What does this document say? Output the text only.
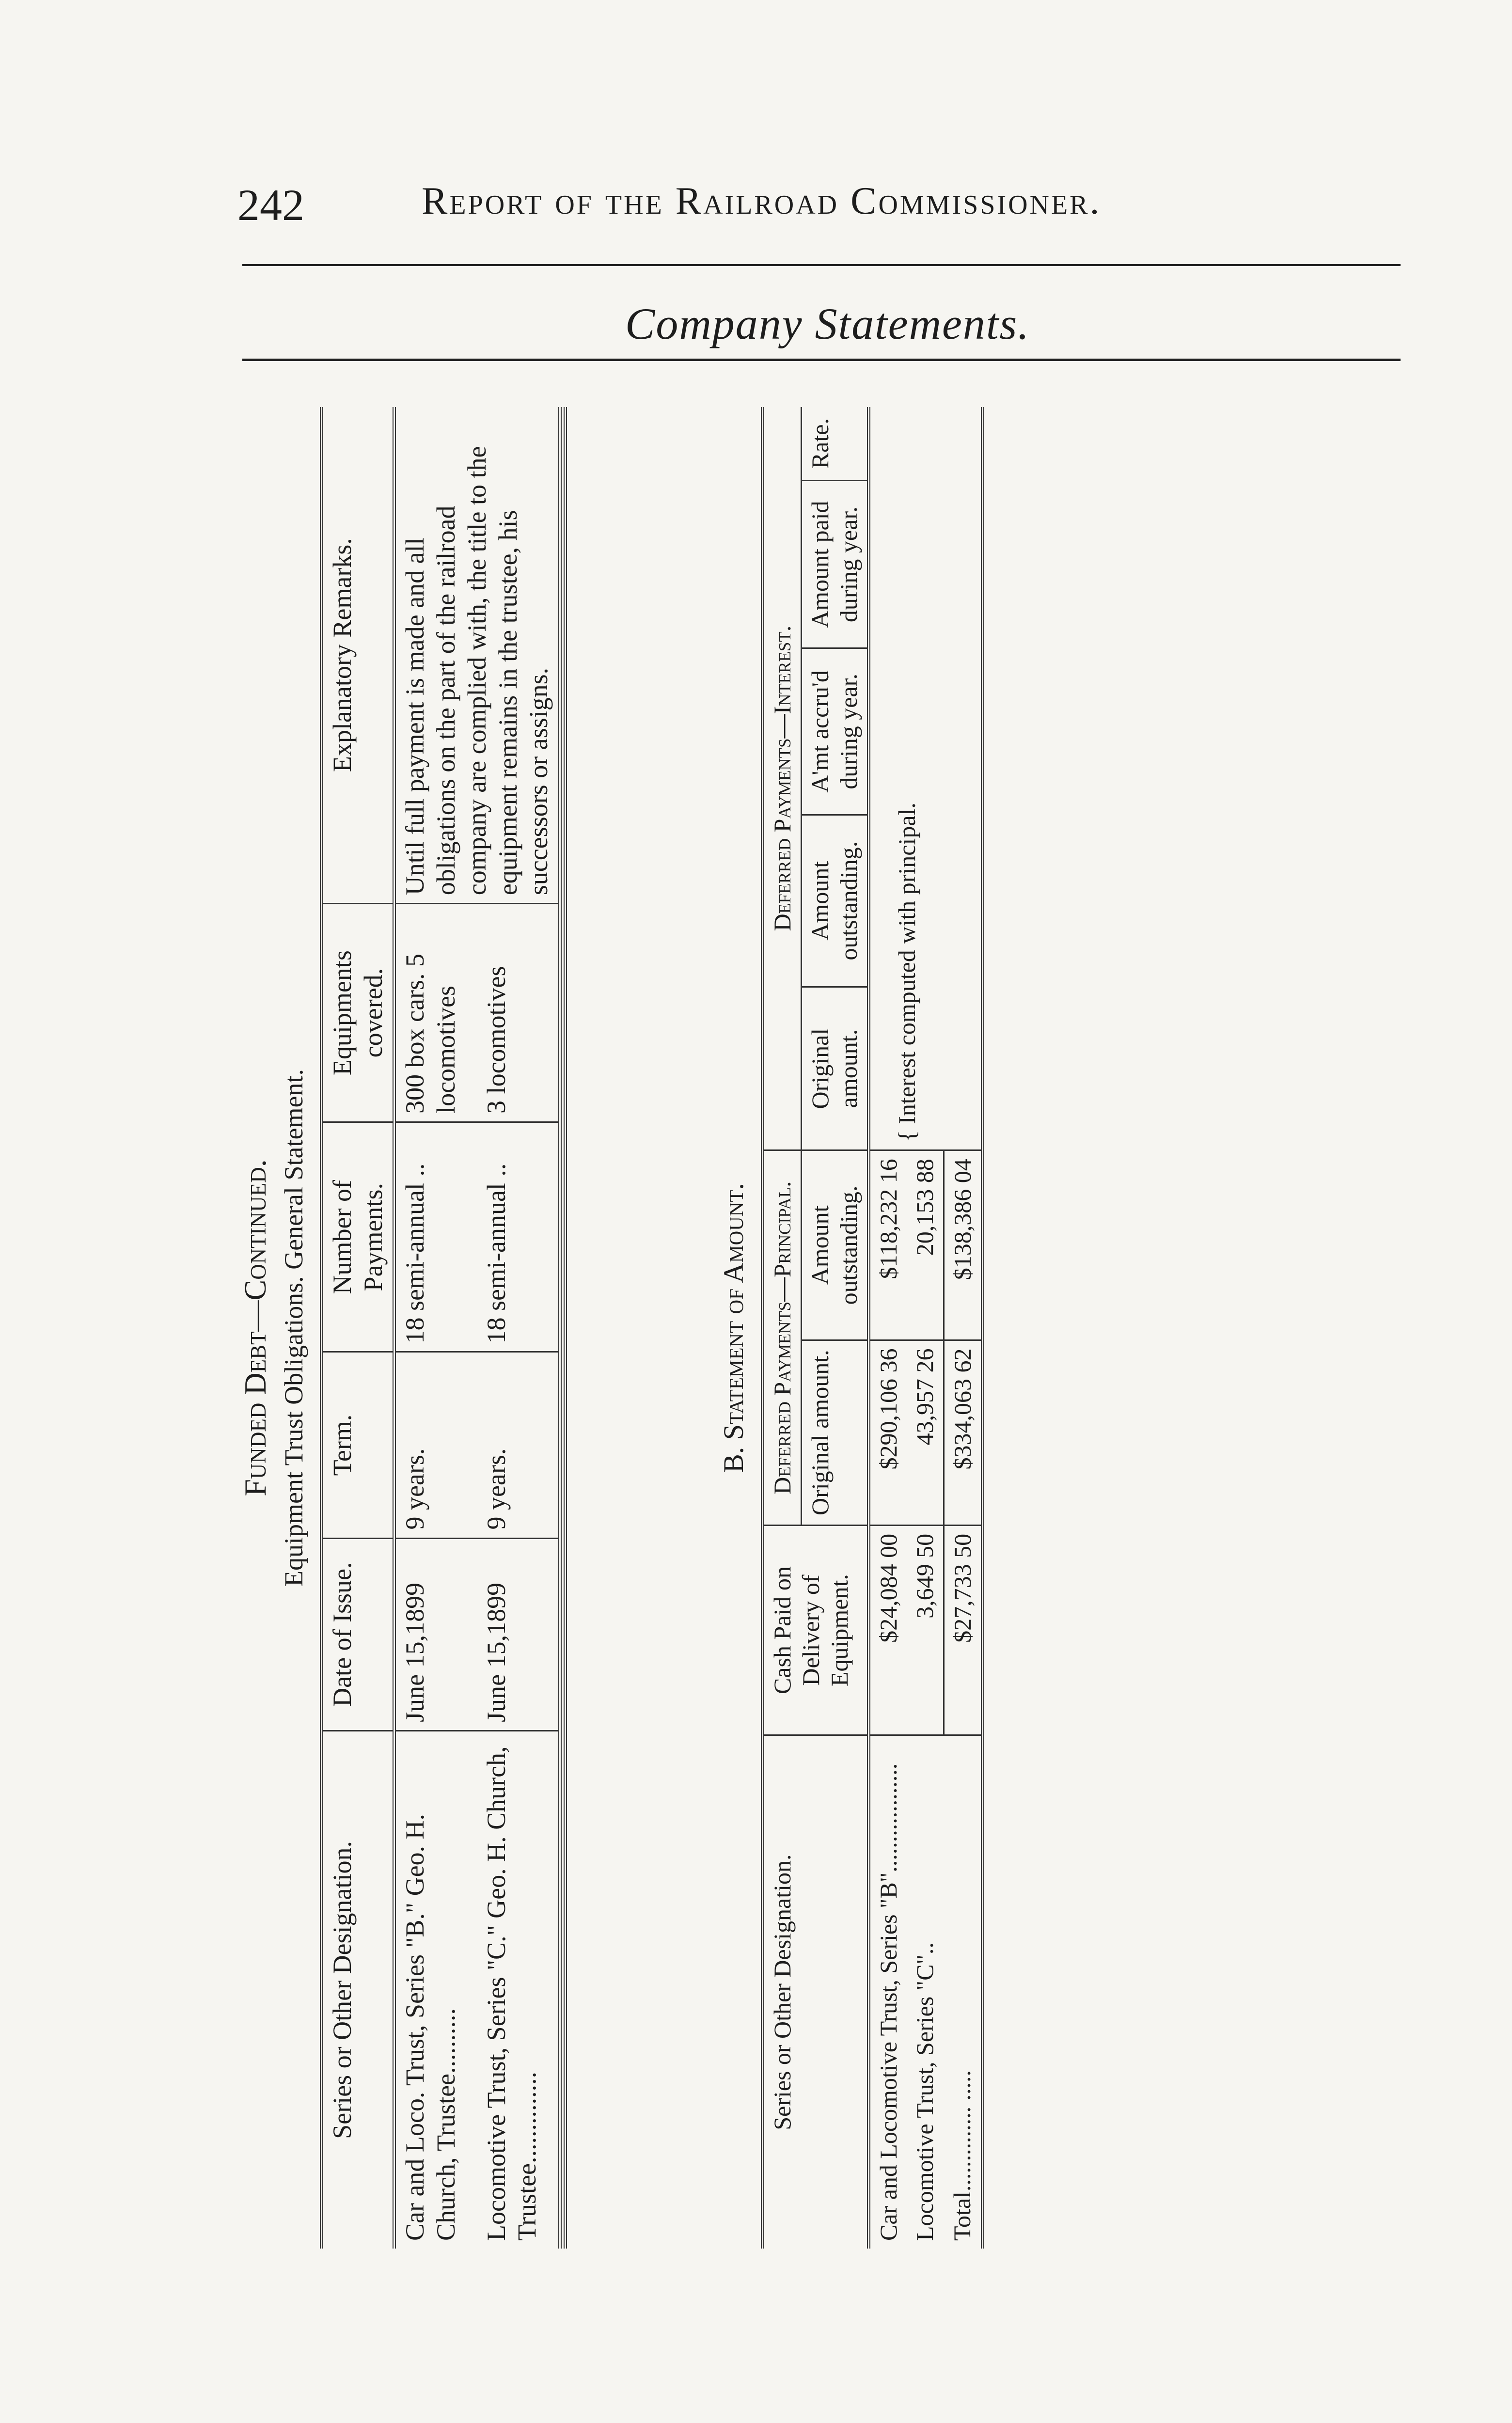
242	Report of the Railroad Commissioner.
Company Statements.
Funded Debt—Continued. Equipment Trust Obligations. General Statement.
Series or Other Designation.	Date of Issue.	Term.	Number of Payments.	Equipments covered.	Explanatory Remarks.
Car and Loco. Trust, Series "B." Geo. H. Church, Trustee..........	June 15,1899	9 years.	18 semi-annual ..	300 box cars. 5 locomotives	Until full payment is made and all obligations on the part of the railroad company are complied with, the title to the equipment remains in the trustee, his successors or assigns.
Locomotive Trust, Series "C." Geo. H. Church, Trustee..............	June 15,1899	9 years.	18 semi-annual ..	3 locomotives	

B. Statement of Amount.
Series or Other Designation.	Cash Paid on Delivery of Equipment.	Deferred Payments—Principal.		Deferred Payments—Interest.				
		Original amount.	Amount outstanding.	Original amount.	Amount outstanding.	A'mt accru'd during year.	Amount paid during year.	Rate.
Car and Locomotive Trust, Series "B"..................	$24,084 00	$290,106 36	$118,232 16	{ Interest computed with principal.				
Locomotive Trust, Series "C"..	3,649 50	43,957 26	20,153 88					
Total.............. .....	$27,733 50	$334,063 62	$138,386 04					
